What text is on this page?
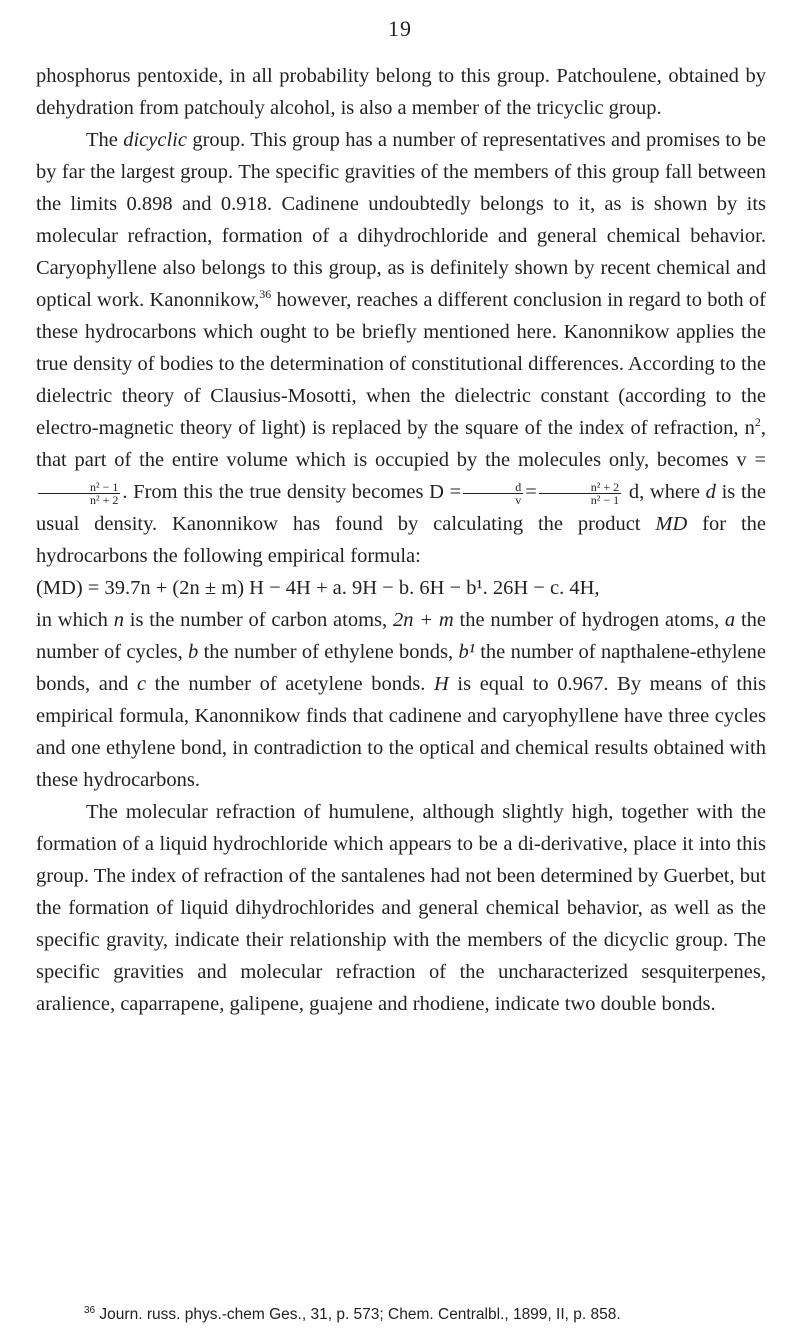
19

phosphorus pentoxide, in all probability belong to this group. Patchoulene, obtained by dehydration from patchouly alcohol, is also a member of the tricyclic group.

The dicyclic group. This group has a number of representatives and promises to be by far the largest group. The specific gravities of the members of this group fall between the limits 0.898 and 0.918. Cadinene undoubtedly belongs to it, as is shown by its molecular refraction, formation of a dihydrochloride and general chemical behavior. Caryophyllene also belongs to this group, as is definitely shown by recent chemical and optical work. Kanonnikow,$^{36}$ however, reaches a different conclusion in regard to both of these hydrocarbons which ought to be briefly mentioned here. Kanonnikow applies the true density of bodies to the determination of constitutional differences. According to the dielectric theory of Clausius-Mosotti, when the dielectric constant (according to the electro-magnetic theory of light) is replaced by the square of the index of refraction, $n^2$, that part of the entire volume which is occupied by the molecules only, becomes v =
$\frac{\text{n² − 1}}{\text{n² + 2}}$ . From this the true density becomes $D = \frac{d}{v} = \frac{\text{n² + 2}}{\text{n² − 1}} d$, where d is the usual density. Kanonnikow has found by calculating the product MD for the hydrocarbons the following empirical formula:

(MD) = 39.7n + (2n ± m) H − 4H + a. 9H − b. 6H − b¹. 26H − c. 4H,

in which n is the number of carbon atoms, 2n + m the number of hydrogen atoms, a the number of cycles, b the number of ethylene bonds, b¹ the number of napthalene-ethylene bonds, and c the number of acetylene bonds. H is equal to 0.967. By means of this empirical formula, Kanonnikow finds that cadinene and caryophyllene have three cycles and one ethylene bond, in contradiction to the optical and chemical results obtained with these hydrocarbons.

The molecular refraction of humulene, although slightly high, together with the formation of a liquid hydrochloride which appears to be a di-derivative, place it into this group. The index of refraction of the santalenes had not been determined by Guerbet, but the formation of liquid dihydrochlorides and general chemical behavior, as well as the specific gravity, indicate their relationship with the members of the dicyclic group. The specific gravities and molecular refraction of the uncharacterized sesquiterpenes, aralience, caparrapene, galipene, guajene and rhodiene, indicate two double bonds.

$^{36}$ Journ. russ. phys.-chem Ges., 31, p. 573; Chem. Centralbl., 1899, II, p. 858.
